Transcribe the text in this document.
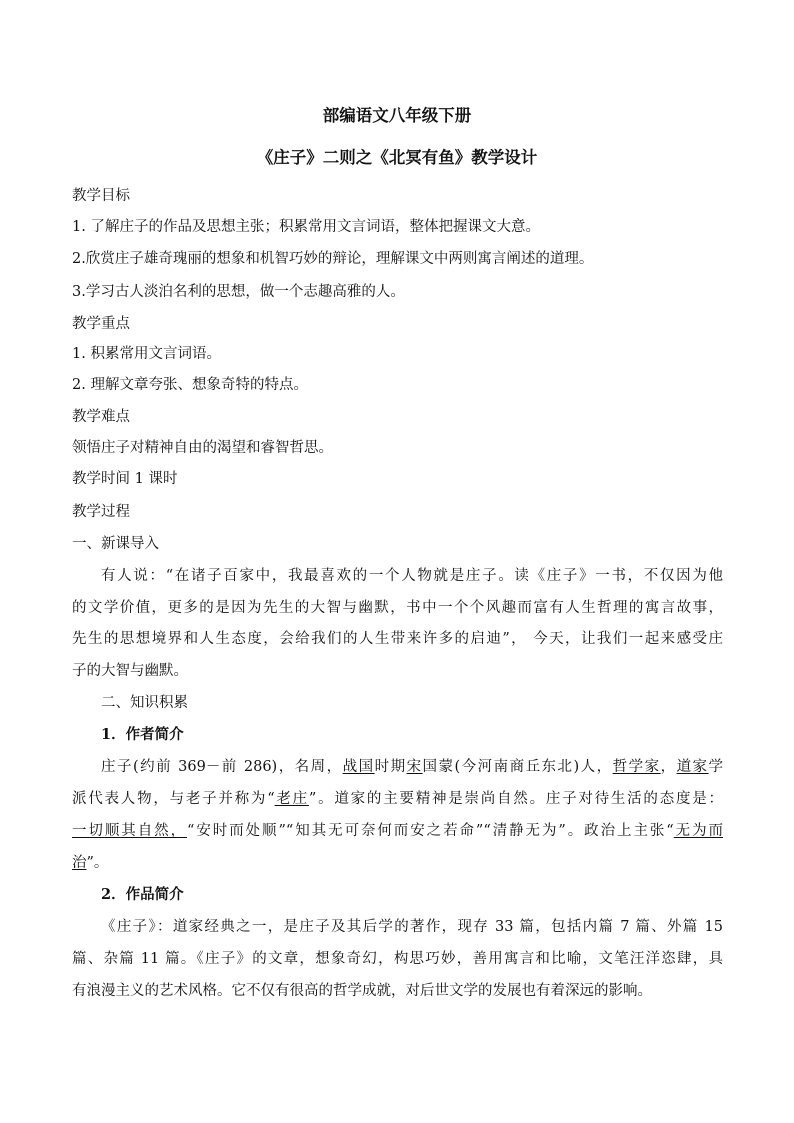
部编语文八年级下册
《庄子》二则之《北冥有鱼》教学设计
教学目标
1. 了解庄子的作品及思想主张；积累常用文言词语，整体把握课文大意。
2.欣赏庄子雄奇瑰丽的想象和机智巧妙的辩论，理解课文中两则寓言阐述的道理。
3.学习古人淡泊名利的思想，做一个志趣高雅的人。
教学重点
1. 积累常用文言词语。
2. 理解文章夸张、想象奇特的特点。
教学难点
领悟庄子对精神自由的渴望和睿智哲思。
教学时间 1 课时
教学过程
一、新课导入
有人说：“在诸子百家中，我最喜欢的一个人物就是庄子。读《庄子》一书，不仅因为他
的文学价值，更多的是因为先生的大智与幽默，书中一个个风趣而富有人生哲理的寓言故事，
先生的思想境界和人生态度，会给我们的人生带来许多的启迪”， 今天，让我们一起来感受庄
子的大智与幽默。
二、知识积累
1．作者简介
庄子(约前 369－前 286)，名周，战国时期宋国蒙(今河南商丘东北)人，哲学家，道家学
派代表人物，与老子并称为“老庄”。道家的主要精神是崇尚自然。庄子对待生活的态度是：
一切顺其自然，“安时而处顺”“知其无可奈何而安之若命”“清静无为”。政治上主张“无为而
治”。
2．作品简介
《庄子》：道家经典之一，是庄子及其后学的著作，现存 33 篇，包括内篇 7 篇、外篇 15
篇、杂篇 11 篇。《庄子》的文章，想象奇幻，构思巧妙，善用寓言和比喻，文笔汪洋恣肆，具
有浪漫主义的艺术风格。它不仅有很高的哲学成就，对后世文学的发展也有着深远的影响。
